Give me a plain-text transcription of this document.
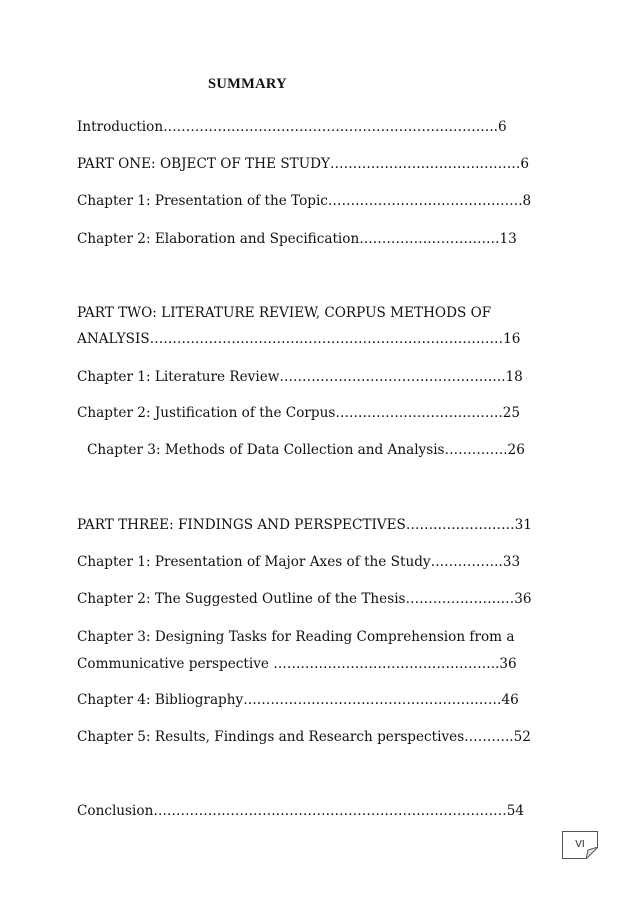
SUMMARY
Introduction………………………………………………………………..6
PART ONE: OBJECT OF THE STUDY……………………………………6
Chapter 1: Presentation of the Topic…………………………………….8
Chapter 2: Elaboration and Specification………………………….13
PART TWO: LITERATURE REVIEW, CORPUS METHODS OF
ANALYSIS……………………………………………………………………16
Chapter 1: Literature Review…………………………………………..18
Chapter 2: Justification of the Corpus……………………………….25
Chapter 3: Methods of Data Collection and Analysis…………..26
PART THREE: FINDINGS AND PERSPECTIVES……………………31
Chapter 1: Presentation of Major Axes of the Study…………….33
Chapter 2: The Suggested Outline of the Thesis……………………36
Chapter 3: Designing Tasks for Reading Comprehension from a
Communicative perspective …………………………………………..36
Chapter 4: Bibliography…………………………………………………46
Chapter 5: Results, Findings and Research perspectives………..52
Conclusion……………………………………………………………………54
VI
